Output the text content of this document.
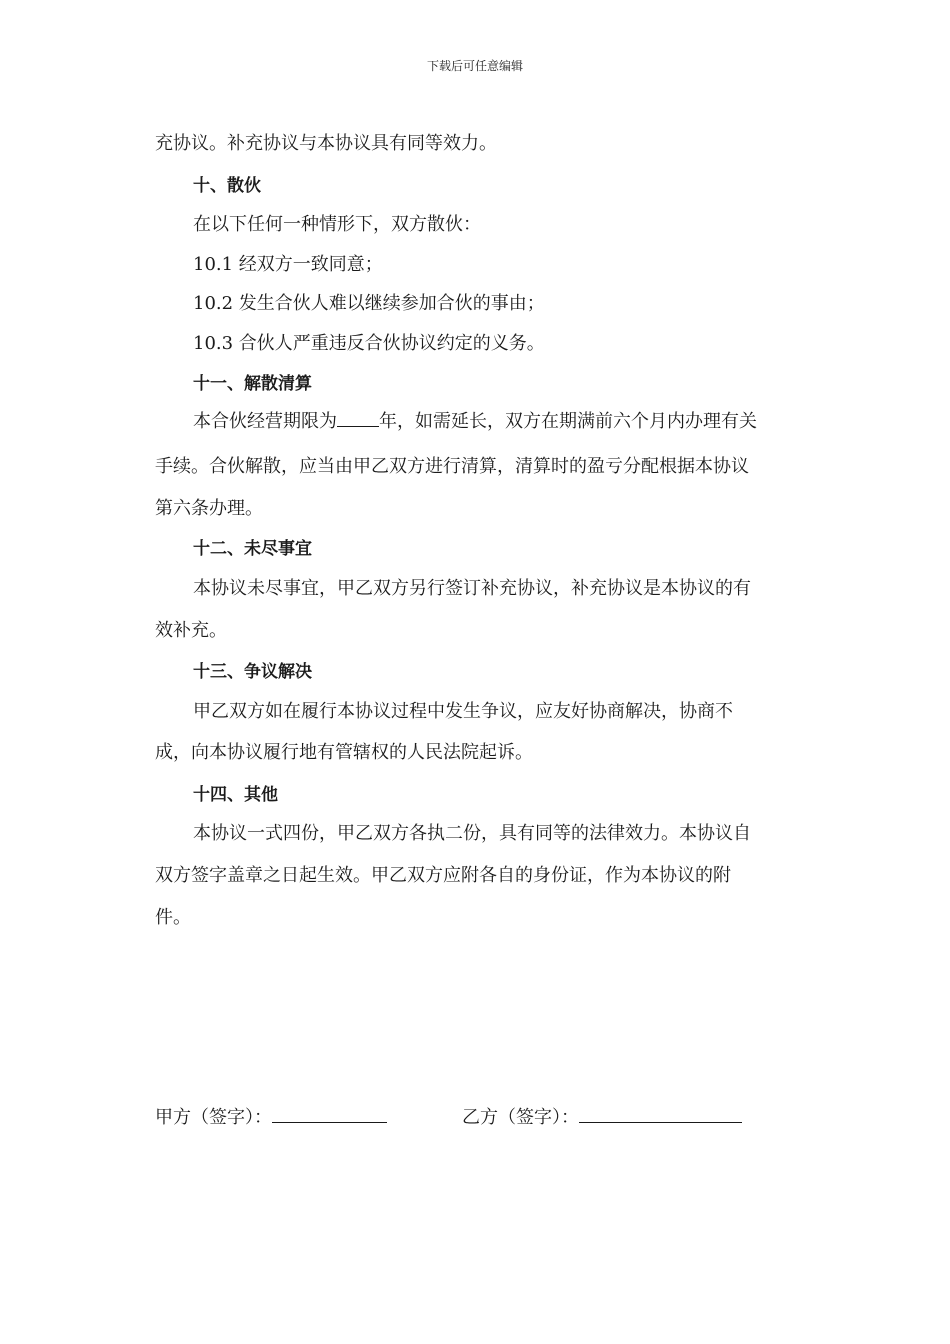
下载后可任意编辑
充协议。补充协议与本协议具有同等效力。
十、散伙
在以下任何一种情形下，双方散伙：
10.1 经双方一致同意；
10.2 发生合伙人难以继续参加合伙的事由；
10.3 合伙人严重违反合伙协议约定的义务。
十一、解散清算
本合伙经营期限为 年，如需延长，双方在期满前六个月内办理有关
手续。合伙解散，应当由甲乙双方进行清算，清算时的盈亏分配根据本协议
第六条办理。
十二、未尽事宜
本协议未尽事宜，甲乙双方另行签订补充协议，补充协议是本协议的有
效补充。
十三、争议解决
甲乙双方如在履行本协议过程中发生争议，应友好协商解决，协商不
成，向本协议履行地有管辖权的人民法院起诉。
十四、其他
本协议一式四份，甲乙双方各执二份，具有同等的法律效力。本协议自
双方签字盖章之日起生效。甲乙双方应附各自的身份证，作为本协议的附
件。
甲方（签字）：	乙方（签字）：
